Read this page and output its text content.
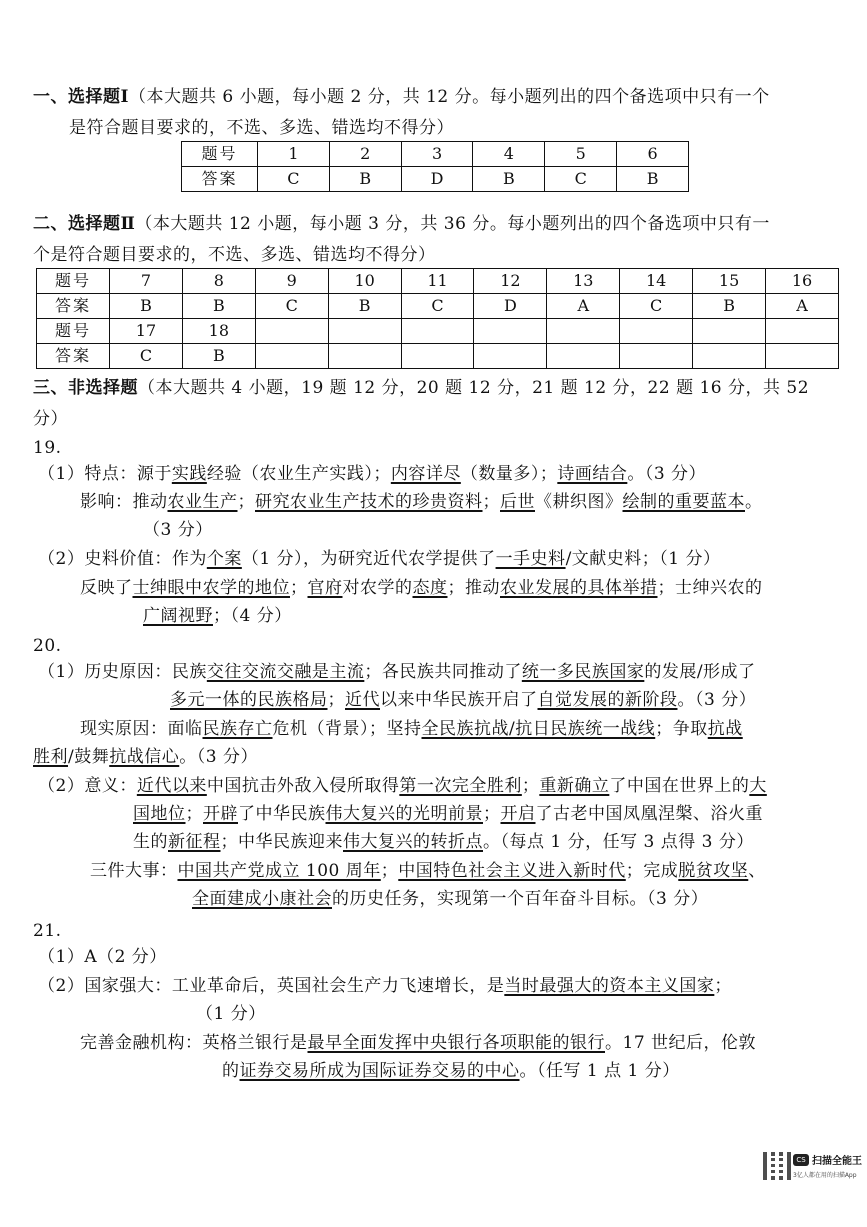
一、选择题I（本大题共 6 小题，每小题 2 分，共 12 分。每小题列出的四个备选项中只有一个
是符合题目要求的，不选、多选、错选均不得分）
题号	1	2	3	4	5	6
答案	C	B	D	B	C	B
二、选择题Ⅱ（本大题共 12 小题，每小题 3 分，共 36 分。每小题列出的四个备选项中只有一
个是符合题目要求的，不选、多选、错选均不得分）
题号	7	8	9	10	11	12	13	14	15	16
答案	B	B	C	B	C	D	A	C	B	A
题号	17	18								
答案	C	B								
三、非选择题（本大题共 4 小题，19 题 12 分，20 题 12 分，21 题 12 分，22 题 16 分，共 52
分）
19.
（1）特点：源于实践经验（农业生产实践）；内容详尽（数量多）；诗画结合。（3 分）
影响：推动农业生产；研究农业生产技术的珍贵资料；后世《耕织图》绘制的重要蓝本。
（3 分）
（2）史料价值：作为个案（1 分），为研究近代农学提供了一手史料/文献史料；（1 分）
反映了士绅眼中农学的地位；官府对农学的态度；推动农业发展的具体举措；士绅兴农的
广阔视野；（4 分）
20.
（1）历史原因：民族交往交流交融是主流；各民族共同推动了统一多民族国家的发展/形成了
多元一体的民族格局；近代以来中华民族开启了自觉发展的新阶段。（3 分）
现实原因：面临民族存亡危机（背景）；坚持全民族抗战/抗日民族统一战线；争取抗战
胜利/鼓舞抗战信心。（3 分）
（2）意义：近代以来中国抗击外敌入侵所取得第一次完全胜利；重新确立了中国在世界上的大
国地位；开辟了中华民族伟大复兴的光明前景；开启了古老中国凤凰涅槃、浴火重
生的新征程；中华民族迎来伟大复兴的转折点。（每点 1 分，任写 3 点得 3 分）
三件大事：中国共产党成立 100 周年；中国特色社会主义进入新时代；完成脱贫攻坚、
全面建成小康社会的历史任务，实现第一个百年奋斗目标。（3 分）
21.
（1）A（2 分）
（2）国家强大：工业革命后，英国社会生产力飞速增长，是当时最强大的资本主义国家；
（1 分）
完善金融机构：英格兰银行是最早全面发挥中央银行各项职能的银行。17 世纪后，伦敦
的证券交易所成为国际证券交易的中心。（任写 1 点 1 分）
CS 扫描全能王
3亿人都在用的扫描App
